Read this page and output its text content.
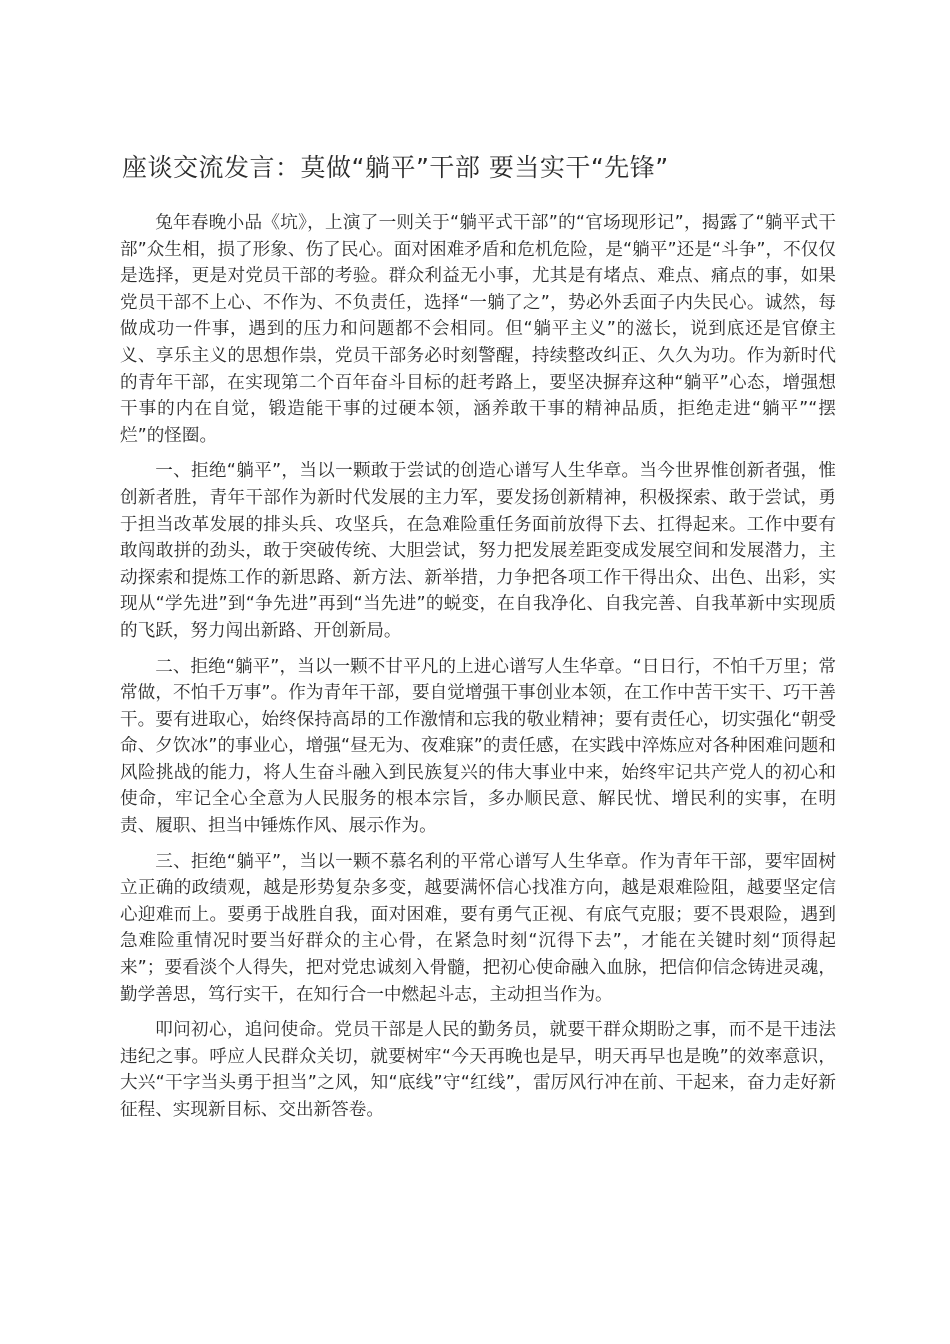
座谈交流发言：莫做“躺平”干部 要当实干“先锋”

兔年春晚小品《坑》，上演了一则关于“躺平式干部”的“官场现形记”，揭露了“躺平式干部”众生相，损了形象、伤了民心。面对困难矛盾和危机危险，是“躺平”还是“斗争”，不仅仅是选择，更是对党员干部的考验。群众利益无小事，尤其是有堵点、难点、痛点的事，如果党员干部不上心、不作为、不负责任，选择“一躺了之”，势必外丢面子内失民心。诚然，每做成功一件事，遇到的压力和问题都不会相同。但“躺平主义”的滋长，说到底还是官僚主义、享乐主义的思想作祟，党员干部务必时刻警醒，持续整改纠正、久久为功。作为新时代的青年干部，在实现第二个百年奋斗目标的赶考路上，要坚决摒弃这种“躺平”心态，增强想干事的内在自觉，锻造能干事的过硬本领，涵养敢干事的精神品质，拒绝走进“躺平”“摆烂”的怪圈。

一、拒绝“躺平”，当以一颗敢于尝试的创造心谱写人生华章。当今世界惟创新者强，惟创新者胜，青年干部作为新时代发展的主力军，要发扬创新精神，积极探索、敢于尝试，勇于担当改革发展的排头兵、攻坚兵，在急难险重任务面前放得下去、扛得起来。工作中要有敢闯敢拼的劲头，敢于突破传统、大胆尝试，努力把发展差距变成发展空间和发展潜力，主动探索和提炼工作的新思路、新方法、新举措，力争把各项工作干得出众、出色、出彩，实现从“学先进”到“争先进”再到“当先进”的蜕变，在自我净化、自我完善、自我革新中实现质的飞跃，努力闯出新路、开创新局。

二、拒绝“躺平”，当以一颗不甘平凡的上进心谱写人生华章。“日日行，不怕千万里；常常做，不怕千万事”。作为青年干部，要自觉增强干事创业本领，在工作中苦干实干、巧干善干。要有进取心，始终保持高昂的工作激情和忘我的敬业精神；要有责任心，切实强化“朝受命、夕饮冰”的事业心，增强“昼无为、夜难寐”的责任感，在实践中淬炼应对各种困难问题和风险挑战的能力，将人生奋斗融入到民族复兴的伟大事业中来，始终牢记共产党人的初心和使命，牢记全心全意为人民服务的根本宗旨，多办顺民意、解民忧、增民利的实事，在明责、履职、担当中锤炼作风、展示作为。

三、拒绝“躺平”，当以一颗不慕名利的平常心谱写人生华章。作为青年干部，要牢固树立正确的政绩观，越是形势复杂多变，越要满怀信心找准方向，越是艰难险阻，越要坚定信心迎难而上。要勇于战胜自我，面对困难，要有勇气正视、有底气克服；要不畏艰险，遇到急难险重情况时要当好群众的主心骨，在紧急时刻“沉得下去”，才能在关键时刻“顶得起来”；要看淡个人得失，把对党忠诚刻入骨髓，把初心使命融入血脉，把信仰信念铸进灵魂，勤学善思，笃行实干，在知行合一中燃起斗志，主动担当作为。

叩问初心，追问使命。党员干部是人民的勤务员，就要干群众期盼之事，而不是干违法违纪之事。呼应人民群众关切，就要树牢“今天再晚也是早，明天再早也是晚”的效率意识，大兴“干字当头勇于担当”之风，知“底线”守“红线”，雷厉风行冲在前、干起来，奋力走好新征程、实现新目标、交出新答卷。
